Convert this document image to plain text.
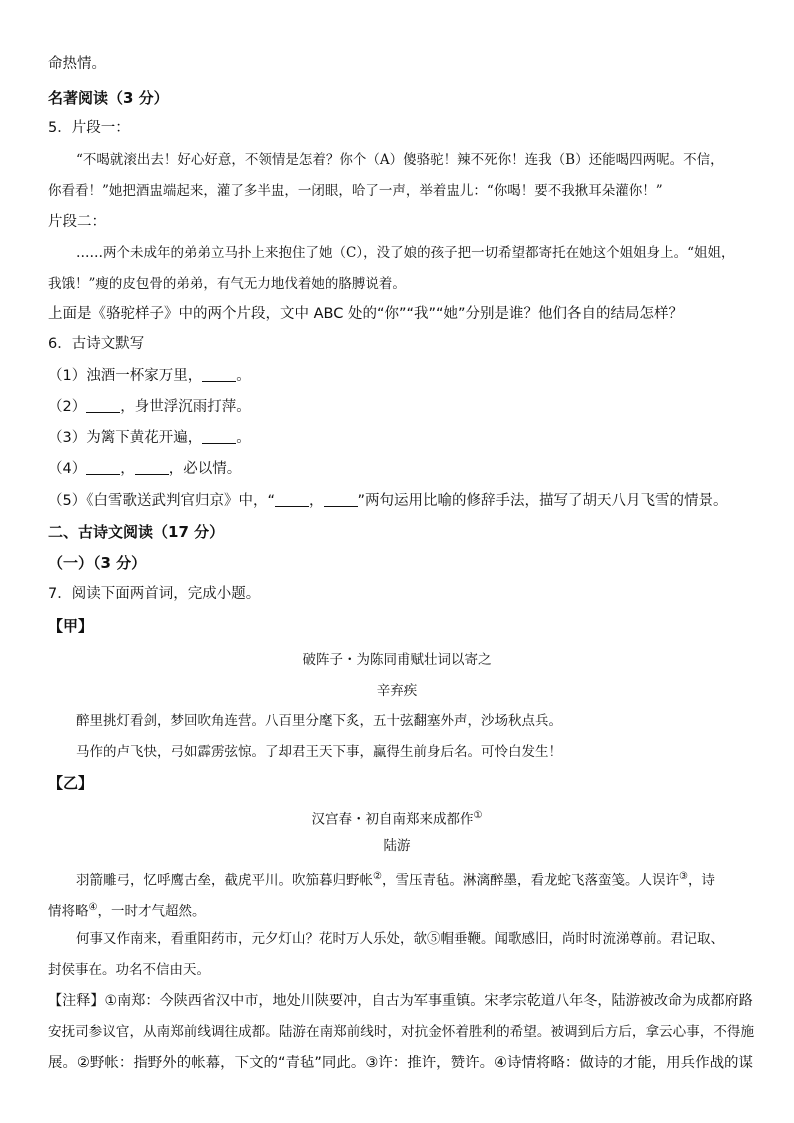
命热情。
名著阅读（3 分）
5．片段一：
“不喝就滚出去！好心好意，不领情是怎着？你个（A）傻骆驼！辣不死你！连我（B）还能喝四两呢。不信，
你看看！”她把酒盅端起来，灌了多半盅，一闭眼，哈了一声，举着盅儿：“你喝！要不我揪耳朵灌你！”
片段二：
……两个未成年的弟弟立马扑上来抱住了她（C），没了娘的孩子把一切希望都寄托在她这个姐姐身上。“姐姐，
我饿！”瘦的皮包骨的弟弟，有气无力地伐着她的胳膊说着。
上面是《骆驼样子》中的两个片段，文中 ABC 处的“你”“我”“她”分别是谁？他们各自的结局怎样？
6．古诗文默写
（1）浊酒一杯家万里， 。
（2） ，身世浮沉雨打萍。
（3）为篱下黄花开遍， 。
（4） ， ，必以情。
（5）《白雪歌送武判官归京》中，“ ， ”两句运用比喻的修辞手法，描写了胡天八月飞雪的情景。
二、古诗文阅读（17 分）
（一）（3 分）
7．阅读下面两首词，完成小题。
【甲】
破阵子・为陈同甫赋壮词以寄之
辛弃疾
醉里挑灯看剑，梦回吹角连营。八百里分麾下炙，五十弦翻塞外声，沙场秋点兵。
马作的卢飞快，弓如霹雳弦惊。了却君王天下事，赢得生前身后名。可怜白发生！
【乙】
汉宫春・初自南郑来成都作①
陆游
羽箭雕弓，忆呼鹰古垒，截虎平川。吹笳暮归野帐②，雪压青毡。淋漓醉墨，看龙蛇飞落蛮笺。人误许③，诗
情将略④，一时才气超然。
何事又作南来，看重阳药市，元夕灯山？花时万人乐处，欹⑤帽垂鞭。闻歌感旧，尚时时流涕尊前。君记取、
封侯事在。功名不信由天。
【注释】①南郑：今陕西省汉中市，地处川陕要冲，自古为军事重镇。宋孝宗乾道八年冬，陆游被改命为成都府路
安抚司参议官，从南郑前线调往成都。陆游在南郑前线时，对抗金怀着胜利的希望。被调到后方后，拿云心事，不得施
展。②野帐：指野外的帐幕，下文的“青毡”同此。③许：推许，赞许。④诗情将略：做诗的才能，用兵作战的谋
